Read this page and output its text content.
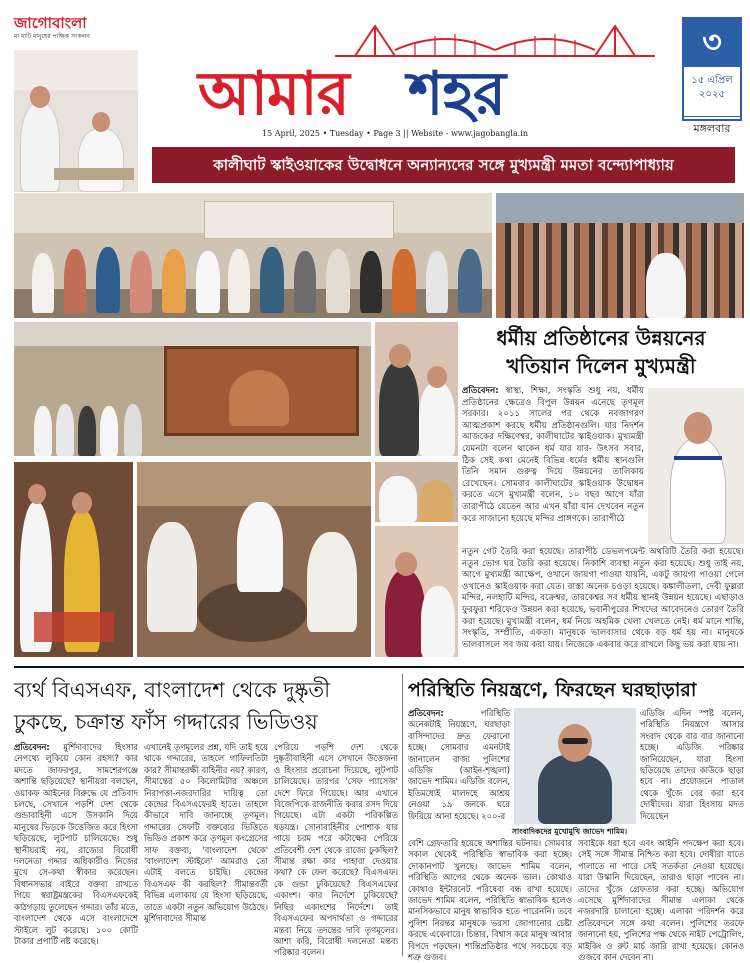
জাগোবাংলা
মা মাটি মানুষের পাক্ষিক সংকলন
আমার শহর
15 April, 2025 • Tuesday • Page 3 || Website - www.jagobangla.in
৩
১৫ এপ্রিল
২০২৫
মঙ্গলবার
কালীঘাট স্কাইওয়াকের উদ্বোধনে অন্যান্যদের সঙ্গে মুখ্যমন্ত্রী মমতা বন্দ্যোপাধ্যায়
ধর্মীয় প্রতিষ্ঠানের উন্নয়নের
খতিয়ান দিলেন মুখ্যমন্ত্রী
প্রতিবেদন: স্বাস্থ্য, শিক্ষা, সংস্কৃতি শুধু নয়, ধর্মীয় প্রতিষ্ঠানের ক্ষেত্রেও বিপুল উন্নয়ন এনেছে তৃণমূল সরকার। ২০১১ সালের পর থেকে নবজাগরণ আত্মপ্রকাশ করছে ধর্মীয় প্রতিষ্ঠানগুলি। যার নিদর্শন আজকের দক্ষিণেশ্বর, কালীঘাটের স্কাইওয়াক। মুখ্যমন্ত্রী যেমনটা বলেন থাকেন ধর্ম যার যার- উৎসব সবার, ঠিক সেই কথা মেনেই বিভিন্ন ধর্মের ধর্মীয় স্থানগুলি তিনি সমান গুরুত্ব দিয়ে উন্নয়নের তালিকায় রেখেছেন। সোমবার কালীঘাটের স্কাইওয়াক উদ্বোধন করতে এসে মুখ্যমন্ত্রী বলেন, ১০ বছর আগে যাঁরা তারাপীঠে যেতেন আর এখন যাঁরা যান দেখবেন নতুন করে সাজানো হয়েছে মন্দির প্রাঙ্গণকে। তারাপীঠে
নতুন গেট তৈরি করা হয়েছে। তারাপীঠ ডেভলপমেন্ট অথরিটি তৈরি করা হয়েছে। নতুন ভোগ ঘর তৈরি করা হয়েছে। নিকাশি ব্যবস্থা নতুন করা হয়েছে। শুধু তাই নয়, আগে মুখ্যমন্ত্রী আক্ষেপ, ওখানে জায়গা পাওয়া যায়নি, একটু জায়গা পাওয়া গেলে ওখানেও স্কাইওয়াক করা যেত। রাস্তা অনেক চওড়া হয়েছে। কঙ্কালীতলা, দেবী ফুল্লরা মন্দির, নলহাটি মন্দির, বক্রেশ্বর, তারকেশ্বর সব ধর্মীয় স্থানই উন্নয়ন হয়েছে। এছাড়াও ফুরফুরা শরিফেও উন্নয়ন করা হয়েছে, ভবানীপুরের শিখদের আবেদনেও তোরণ তৈরি করা হয়েছে। মুখ্যমন্ত্রী বলেন, ধর্ম নিয়ে অহমিক খেলা খেলতে নেই। ধর্ম মানে শান্তি, সংস্কৃতি, সম্প্রীতি, একতা। মানুষকে ভালবাসার থেকে বড় ধর্ম হয় না। মানুষকে ভালবাসলে সব জয় করা যায়। নিজেকে একবার করে রাখলে কিছু ভয় করা যায় না।
ব্যর্থ বিএসএফ, বাংলাদেশ থেকে দুষ্কৃতী
ঢুকছে, চক্রান্ত ফাঁস গদ্দারের ভিডিওয়
প্রতিবেদন: মুর্শিদাবাদের হিংসার নেপথ্যে লুকিয়ে কোন রহস্য? কার মদতে জাফরপুর, সামশেরগঞ্জে অশান্তি ছড়িয়েছে? স্থানীয়রা বলছেন, ওয়াকফ আইনের বিরুদ্ধে যে প্রতিবাদ চলছে, সেখানে পড়শি দেশ থেকে গুন্ডাবাহিনী এসে উসকানি দিয়ে মানুষের ভিড়কে উত্তেজিত করে হিংসা ছড়িয়েছে, লুটপাট চালিয়েছে। শুধু স্থানীয়রাই নয়, রাজ্যের বিরোধী দলনেতা গদ্দার অধিকারীও নিজের মুখে সে-কথা স্বীকার করেছেন। বিধানসভার বাইরে বক্তব্য রাখতে গিয়ে স্বরাষ্ট্রমন্ত্রকের বিএসএফকেই কাঠগড়ায় তুলেছেন গদ্দার। তাঁর মতে, বাংলাদেশ থেকে এসে বাংলাদেশে স্টাইলে লুট করেছে। ১০০ কোটি টাকার প্রপার্টি নষ্ট করেছে।
এখানেই তৃণমূলের প্রশ্ন, যদি তাই হয়ে থাকে গদ্দারের, তাহলে গাফিলতিটা কার? সীমান্তরক্ষী বাহিনীর নয়? কারণ, সীমান্তের ৫০ কিলোমিটার অঞ্চলে নিরাপত্তা-নজরদারির দায়িত্ব তো কেন্দ্রের বিএসএফেরই হাতে। তাহলে কীভাবে দাবি জানাচ্ছে তৃণমূল। গদ্দারের সেফটি বক্তব্যের ভিত্তিতে ভিডিও প্রকাশ করে তৃণমূল কংগ্রেসের সাফ বক্তব্য, 'বাংলাদেশ থেকে' 'বাংলাদেশ স্টাইলে' আমরাও তো এটাই বলতে চাইছি। কেন্দ্রের বিএসএফ কী করছিল? সীমান্তবর্তী বিভিন্ন এলাকায় যে হিংসা ছড়িয়েছে, তাতে একটা নতুন অভিযোগ উঠেছে। মুর্শিদাবাদের সীমান্ত
পেরিয়ে পড়শি দেশ থেকে দুষ্কৃতীবাহিনী এসে সেখানে উত্তেজনা ও হিংসার প্ররোচনা দিয়েছে, লুটপাট চালিয়েছে। তারপর 'সেফ প্যাসেজ' দেশে ফিরে গিয়েছে। আর এখানে বিজেপিকে রাজনীতি করার রসদ দিয়ে গিয়েছে। এটা একটা পরিকল্পিত ষড়যন্ত্র। সোনাবাহিনীর পোশাক যার গায়ে চরম পরে কটাক্ষের পেরিয়ে প্রতিবেশী দেশ থেকে রাজ্যে ঢুকছিল? সীমান্ত রক্ষা কার পাহারা দেওয়ার কথা? কে ফেল করেছে? বিএসএফ। কে গুন্ডা ঢুকিয়েছে? বিএসএফের একাংশ। কার নির্দেশে ঢুকিয়েছে? নিছির একাংশের নির্দেশে। তাই বিএসএফের অপদার্থতা ও গদ্দারের মন্তব্য নিয়ে তদন্তের দাবি তৃণমূলের। আশা করি, বিরোধী দলনেতা মন্তব্য পরিষ্কার বলেন।
পরিস্থিতি নিয়ন্ত্রণে, ফিরছেন ঘরছাড়ারা
প্রতিবেদন:	পরিস্থিতি অনেকটাই নিয়ন্ত্রণে, ঘরছাড়া বাসিন্দাদের দ্রুত ফেরানো হচ্ছে। সোমবার এমনটাই জানালেন রাজ্য পুলিশের এডিজি (আইন-শৃঙ্খলা) জাভেদ শামিম। এডিজি বলেন, ইতিমধ্যেই মালদহে আশ্রয় নেওয়া ১৯ জনকে ঘরে ফিরিয়ে আনা হয়েছে। ২০০-র
সাংবাদিকদের মুখোমুখি জাভেদ শামিম।
এডিজি এদিন স্পষ্ট বলেন, পরিস্থিতি নিয়ন্ত্রণে আসার সংবাদ থেকে বার বার জানানো হচ্ছে। এডিজি পরিষ্কার জানিয়েছেন, যারা হিংসা ছড়িয়েছে তাদের কাউকে ছাড়া হবে না। প্রয়োজনে পাতাল থেকে খুঁজে বের করা হবে দোষীদের। যারা হিংসায় মদত দিয়েছেন
বেশি গ্রেফতারি হয়েছে অশান্তির ঘটনায়। সোমবার সকাল থেকেই পরিস্থিতি স্বাভাবিক করা হচ্ছে। দোকানপাট খুলছে। জাভেদ শামিম বলেন, পরিস্থিতি আগের থেকে অনেক ভাল। কোথাও কোথাও ইন্টারনেট পরিষেবা বন্ধ রাখা হয়েছে। জাভেদ শামিম বলেন, পরিস্থিতি স্বাভাবিক হলেও মানসিকভাবে মানুষ স্বাভাবিক হতে পারেননি। তবে পুলিশ নিরন্তর মানুষকে ভরসা জোগানোর চেষ্টা করছে একেবারে। চিন্তার, বিশ্বাস করে মানুষ আবার বিপদে পড়ছেন। শান্তিপ্রতিষ্ঠার পথে সবচেয়ে বড় শত্রু গুজব।
সবাইকে ধরা হবে এবং আইনি পদক্ষেপ করা হবে। সেই সঙ্গে সীমান্ত নিশ্চিত করা হবে। দোষীরা যাতে পালাতে না পারে সেই সতর্কতা নেওয়া হয়েছে। যারা উস্কানি দিয়েছেন, তারাও ছাড়া পাবেন না। তাদের খুঁজে গ্রেফতার করা হচ্ছে। অভিযোগ এসেছে মুর্শিদাবাদের সীমান্ত এলাকা থেকে নজরদারি চালানো হচ্ছে। এলাকা পরিদর্শন করে প্রতিবেদনে সঙ্গে কথা বলেন। পুলিশের তরফে জানানো হয়, পুলিশের পক্ষ থেকে নাইট পেট্রোলিং, মাইকিং ও রুট মার্চ জারি রাখা হয়েছে। কোনও গুজবে কান দেবেন না।
